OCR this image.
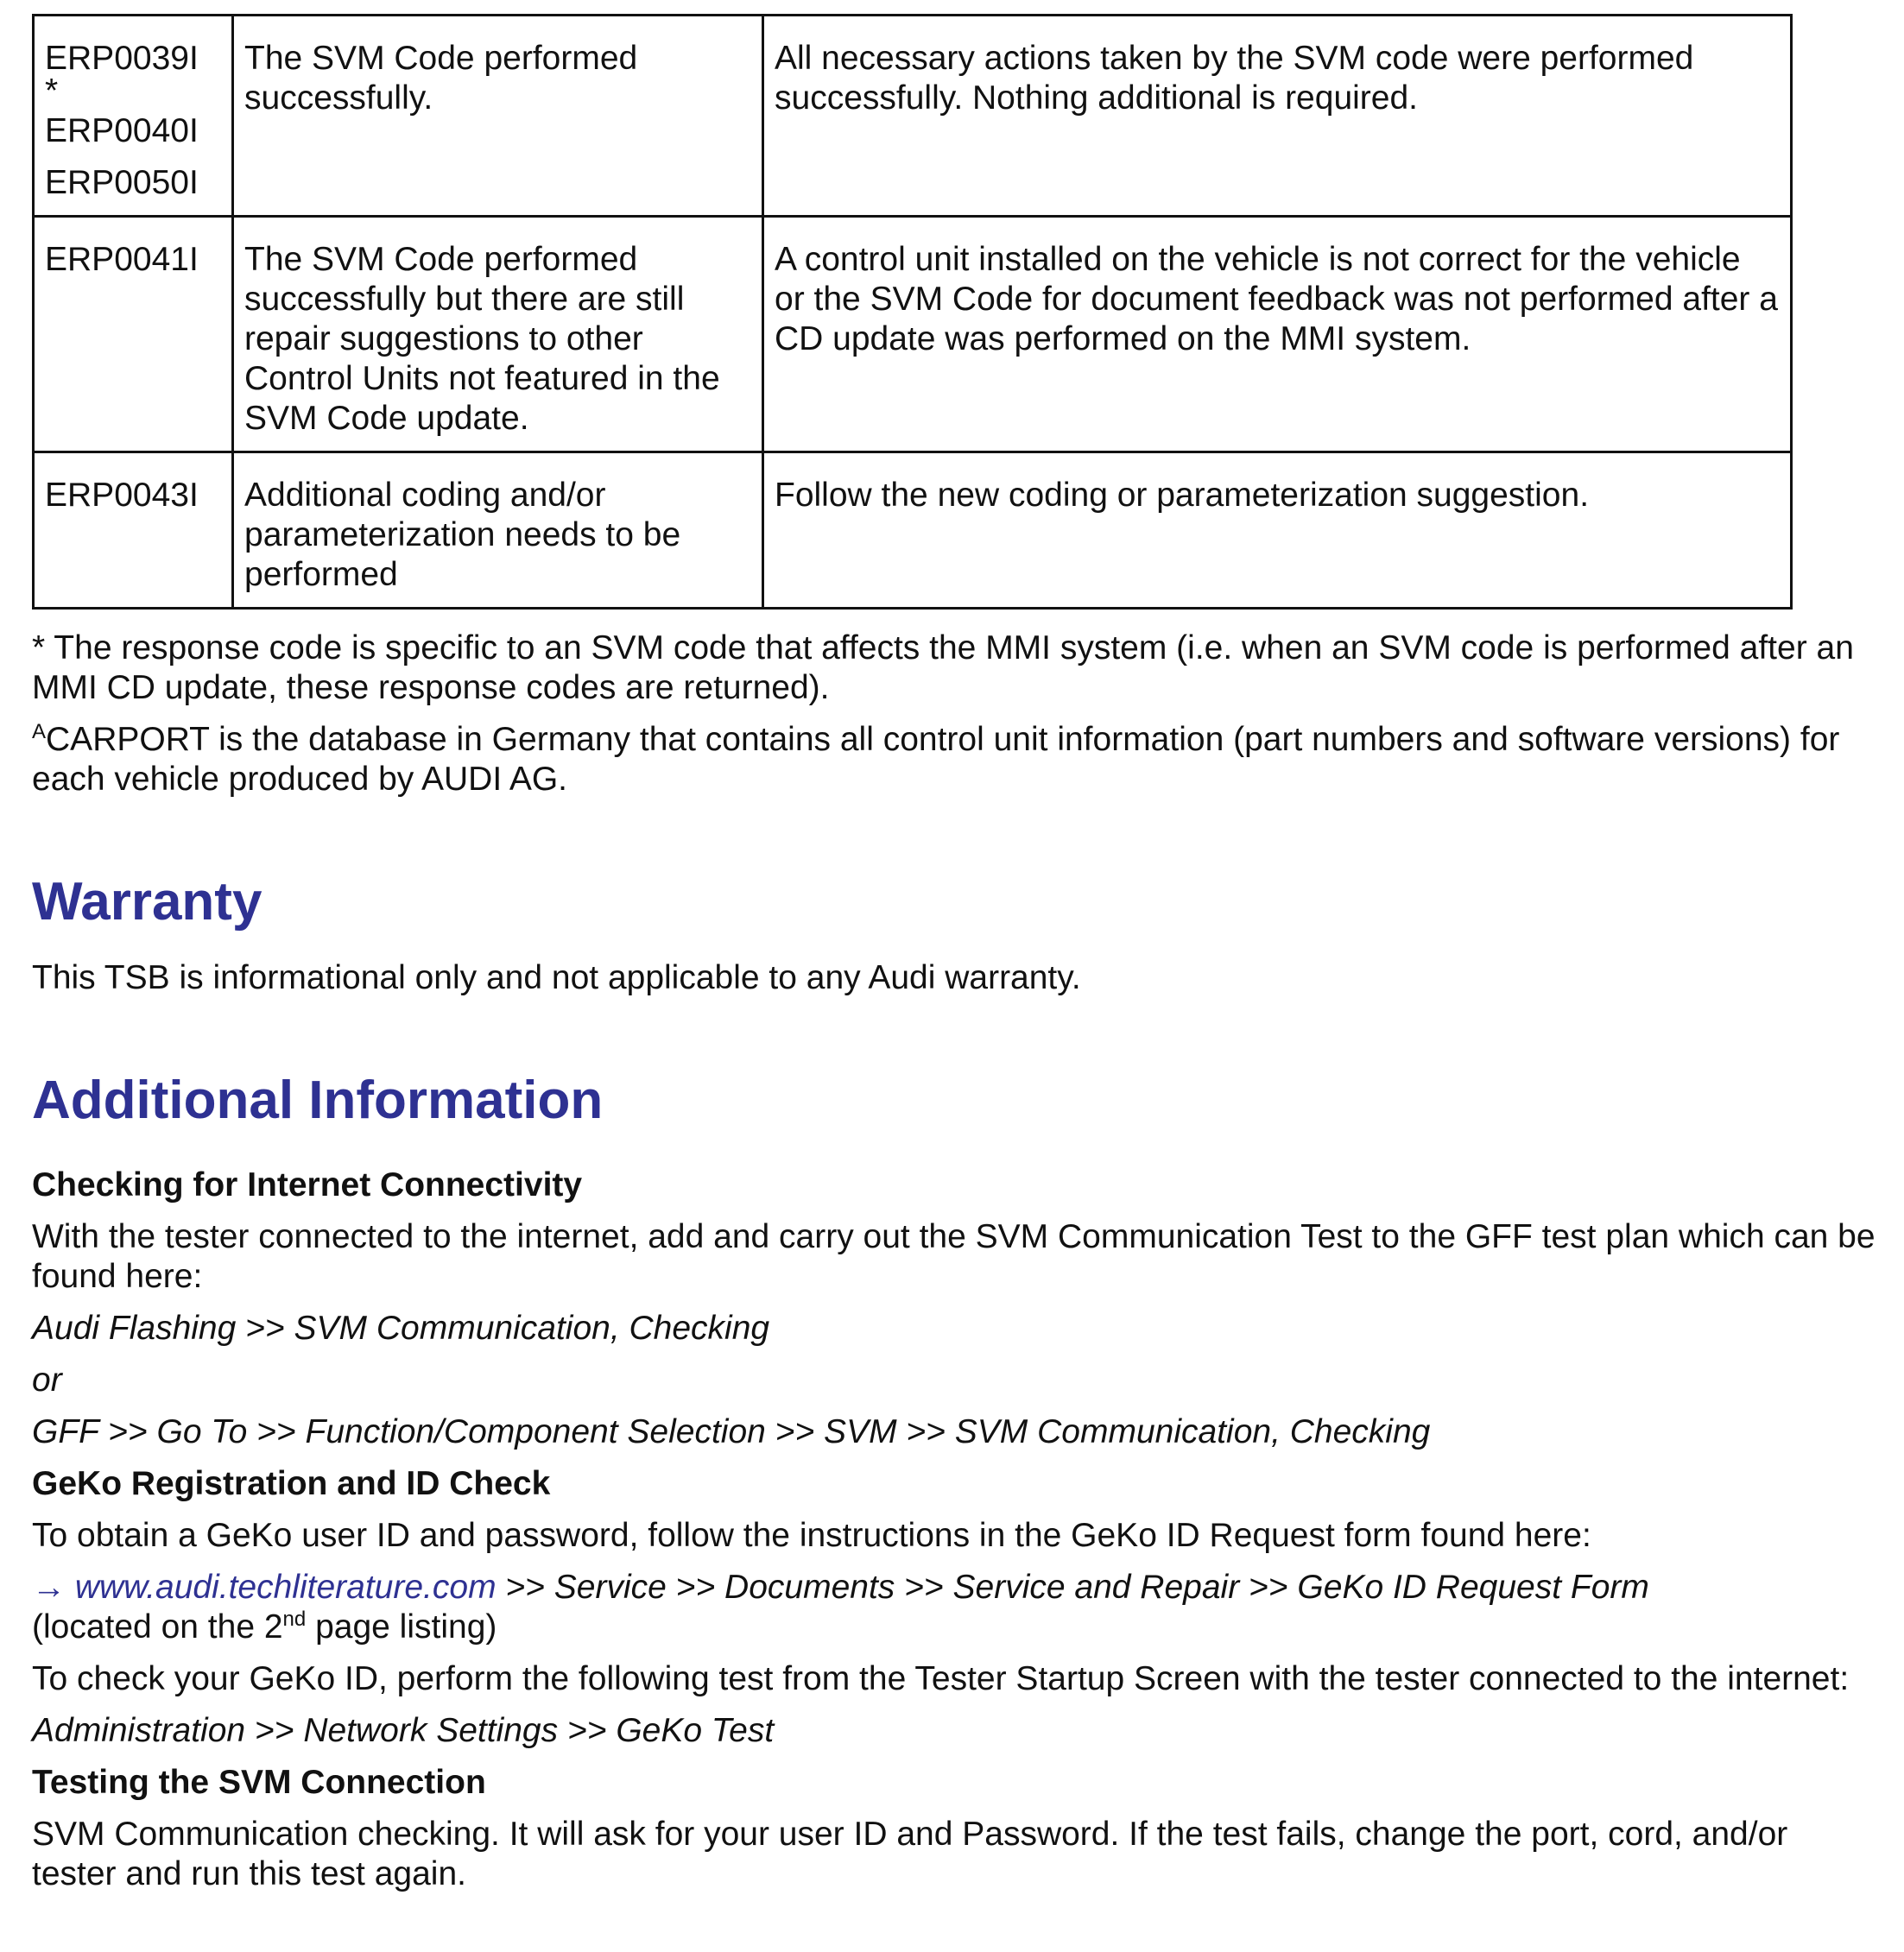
ERP0039I
*
ERP0040I
ERP0050I	The SVM Code performed successfully.	All necessary actions taken by the SVM code were performed successfully. Nothing additional is required.

ERP0041I	The SVM Code performed successfully but there are still repair suggestions to other Control Units not featured in the SVM Code update.	A control unit installed on the vehicle is not correct for the vehicle or the SVM Code for document feedback was not performed after a CD update was performed on the MMI system.

ERP0043I	Additional coding and/or parameterization needs to be performed	Follow the new coding or parameterization suggestion.

* The response code is specific to an SVM code that affects the MMI system (i.e. when an SVM code is performed after an MMI CD update, these response codes are returned).

$^A$CARPORT is the database in Germany that contains all control unit information (part numbers and software versions) for each vehicle produced by AUDI AG.

Warranty

This TSB is informational only and not applicable to any Audi warranty.

Additional Information
Checking for Internet Connectivity

With the tester connected to the internet, add and carry out the SVM Communication Test to the GFF test plan which can be found here:

Audi Flashing >> SVM Communication, Checking

or

GFF >> Go To >> Function/Component Selection >> SVM >> SVM Communication, Checking

GeKo Registration and ID Check

To obtain a GeKo user ID and password, follow the instructions in the GeKo ID Request form found here:

→ www.audi.techliterature.com >> Service >> Documents >> Service and Repair >> GeKo ID Request Form
(located on the 2nd page listing)

To check your GeKo ID, perform the following test from the Tester Startup Screen with the tester connected to the internet:

Administration >> Network Settings >> GeKo Test

Testing the SVM Connection

SVM Communication checking. It will ask for your user ID and Password. If the test fails, change the port, cord, and/or tester and run this test again.
